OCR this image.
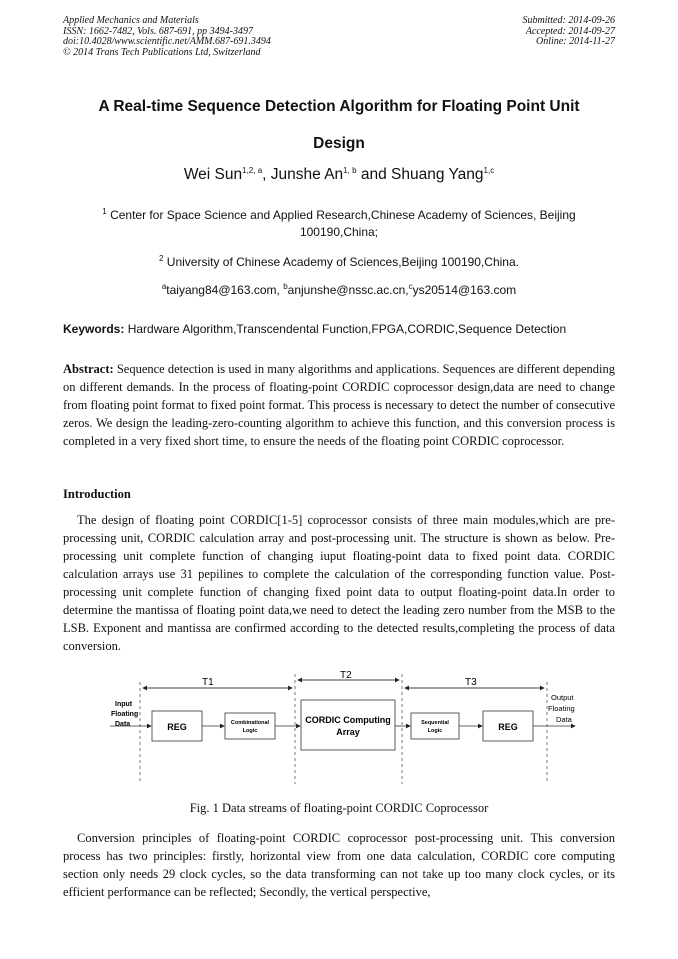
Applied Mechanics and Materials
ISSN: 1662-7482, Vols. 687-691, pp 3494-3497
doi:10.4028/www.scientific.net/AMM.687-691.3494
© 2014 Trans Tech Publications Ltd, Switzerland
Submitted: 2014-09-26
Accepted: 2014-09-27
Online: 2014-11-27
A Real-time Sequence Detection Algorithm for Floating Point Unit
Design
Wei Sun$^{1,2, a}$, Junshe An$^{1, b}$ and Shuang Yang$^{1,c}$
$^1$ Center for Space Science and Applied Research,Chinese Academy of Sciences, Beijing 100190,China;
$^2$ University of Chinese Academy of Sciences,Beijing 100190,China.
$^a$taiyang84@163.com, $^b$anjunshe@nssc.ac.cn,$^c$ys20514@163.com
Keywords: Hardware Algorithm,Transcendental Function,FPGA,CORDIC,Sequence Detection
Abstract: Sequence detection is used in many algorithms and applications. Sequences are different depending on different demands. In the process of floating-point CORDIC coprocessor design,data are need to change from floating point format to fixed point format. This process is necessary to detect the number of consecutive zeros. We design the leading-zero-counting algorithm to achieve this function, and this conversion process is completed in a very fixed short time, to ensure the needs of the floating point CORDIC coprocessor.
Introduction
The design of floating point CORDIC[1-5] coprocessor consists of three main modules,which are pre-processing unit, CORDIC calculation array and post-processing unit. The structure is shown as below. Pre-processing unit complete function of changing iuput floating-point data to fixed point data. CORDIC calculation arrays use 31 pepilines to complete the calculation of the corresponding function value. Post-processing unit complete function of changing fixed point data to output floating-point data.In order to determine the mantissa of floating point data,we need to detect the leading zero number from the MSB to the LSB. Exponent and mantissa are confirmed according to the detected results,completing the process of data conversion.
T1
T2
T3
Input
Floating
Data	REG	Combinational
Logic
CORDIC Computing
Array
Sequential
Logic	REG
Output
Floating
Data
Fig. 1 Data streams of floating-point CORDIC Coprocessor
Conversion principles of floating-point CORDIC coprocessor post-processing unit. This conversion process has two principles: firstly, horizontal view from one data calculation, CORDIC core computing section only needs 29 clock cycles, so the data transforming can not take up too many clock cycles, or its efficient performance can be reflected; Secondly, the vertical perspective,
